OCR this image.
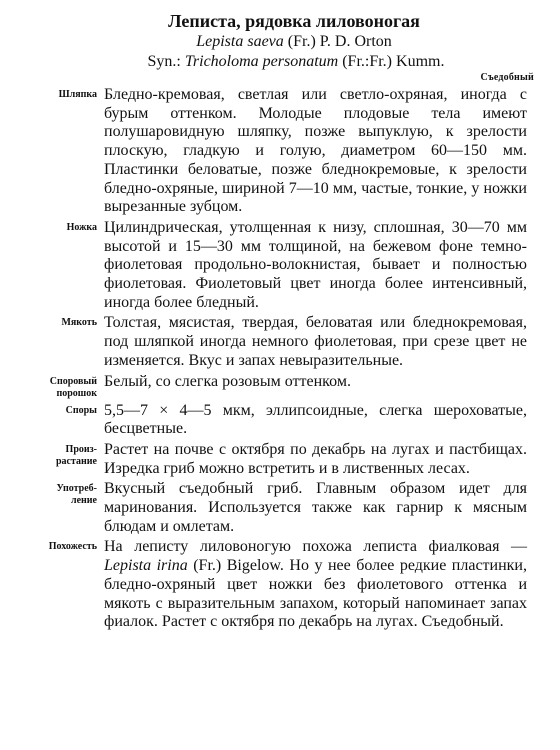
Леписта, рядовка лиловоногая
Lepista saeva (Fr.) P. D. Orton
Syn.: Tricholoma personatum (Fr.:Fr.) Kumm.
Съедобный
Шляпка Бледно-кремовая, светлая или светло-охряная, иногда с бурым оттенком. Молодые плодовые тела имеют полушаровидную шляпку, позже выпуклую, к зрелости плоскую, гладкую и голую, диаметром 60—150 мм. Пластинки беловатые, позже бледнокремовые, к зрелости бледно-охряные, шириной 7—10 мм, частые, тонкие, у ножки вырезанные зубцом.
Ножка Цилиндрическая, утолщенная к низу, сплошная, 30—70 мм высотой и 15—30 мм толщиной, на бежевом фоне темно-фиолетовая продольно-волокнистая, бывает и полностью фиолетовая. Фиолетовый цвет иногда более интенсивный, иногда более бледный.
Мякоть Толстая, мясистая, твердая, беловатая или бледнокремовая, под шляпкой иногда немного фиолетовая, при срезе цвет не изменяется. Вкус и запах невыразительные.
Споровый
порошок
Белый, со слегка розовым оттенком.
Споры 5,5—7 × 4—5 мкм, эллипсоидные, слегка шероховатые, бесцветные.
Произ-
растание
Растет на почве с октября по декабрь на лугах и пастбищах. Изредка гриб можно встретить и в лиственных лесах.
Употреб-
ление
Вкусный съедобный гриб. Главным образом идет для маринования. Используется также как гарнир к мясным блюдам и омлетам.
Похожесть На леписту лиловоногую похожа леписта фиалковая — Lepista irina (Fr.) Bigelow. Но у нее более редкие пластинки, бледно-охряный цвет ножки без фиолетового оттенка и мякоть с выразительным запахом, который напоминает запах фиалок. Растет с октября по декабрь на лугах. Съедобный.
